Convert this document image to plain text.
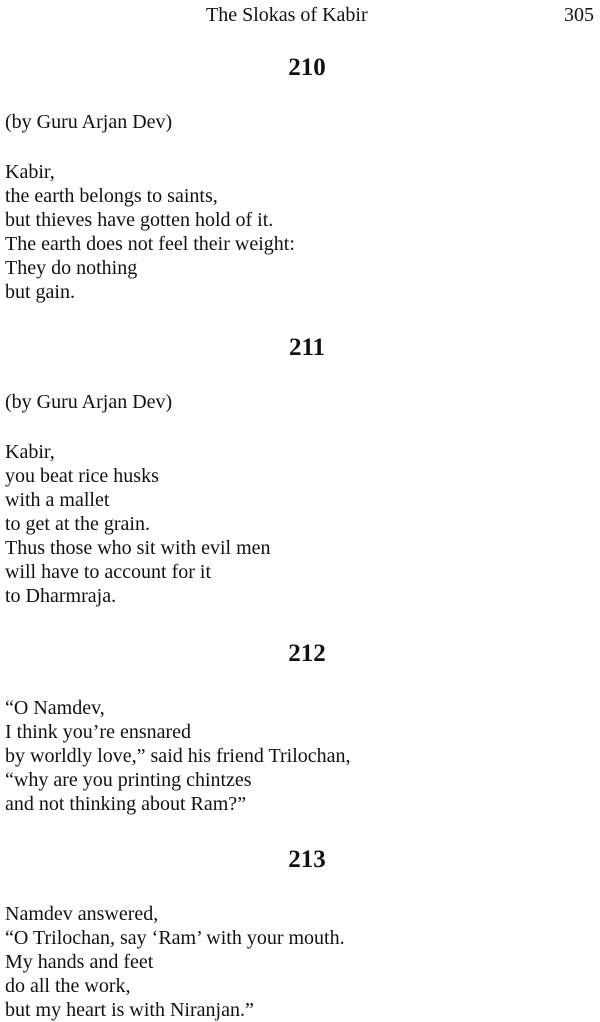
The Slokas of Kabir	305
210
(by Guru Arjan Dev)
Kabir,
the earth belongs to saints,
but thieves have gotten hold of it.
The earth does not feel their weight:
They do nothing
but gain.
211
(by Guru Arjan Dev)
Kabir,
you beat rice husks
with a mallet
to get at the grain.
Thus those who sit with evil men
will have to account for it
to Dharmraja.
212
“O Namdev,
I think you’re ensnared
by worldly love,” said his friend Trilochan,
“why are you printing chintzes
and not thinking about Ram?”
213
Namdev answered,
“O Trilochan, say ‘Ram’ with your mouth.
My hands and feet
do all the work,
but my heart is with Niranjan.”
